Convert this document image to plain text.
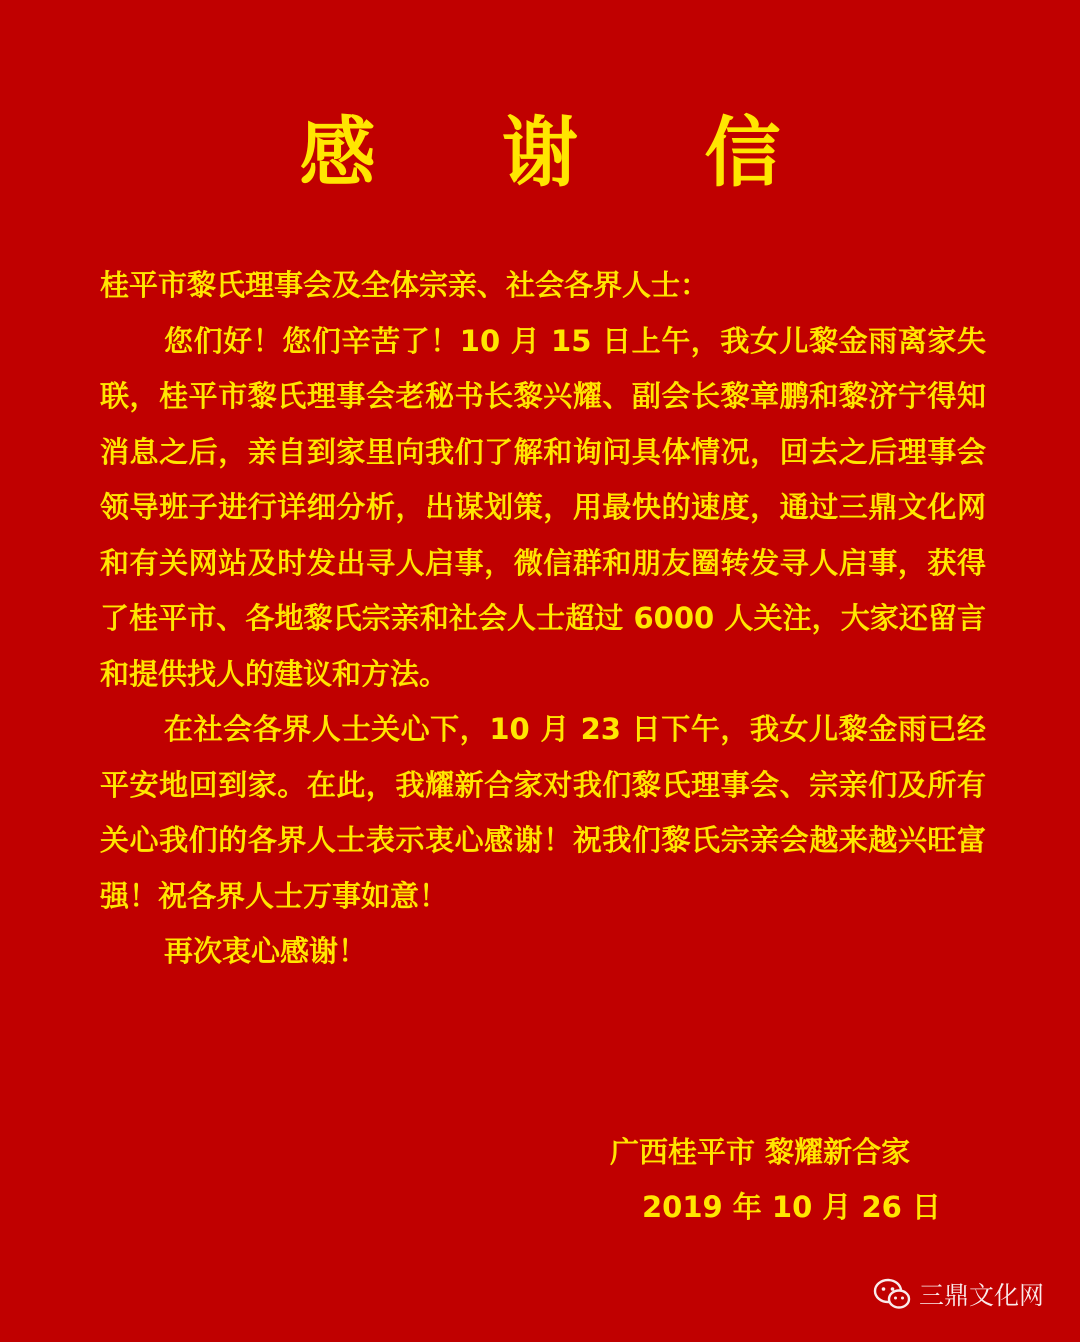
感 谢 信

桂平市黎氏理事会及全体宗亲、社会各界人士：

您们好！您们辛苦了！10 月 15 日上午，我女儿黎金雨离家失联，桂平市黎氏理事会老秘书长黎兴耀、副会长黎章鹏和黎济宁得知消息之后，亲自到家里向我们了解和询问具体情况，回去之后理事会领导班子进行详细分析，出谋划策，用最快的速度，通过三鼎文化网和有关网站及时发出寻人启事，微信群和朋友圈转发寻人启事，获得了桂平市、各地黎氏宗亲和社会人士超过 6000 人关注，大家还留言和提供找人的建议和方法。

在社会各界人士关心下，10 月 23 日下午，我女儿黎金雨已经平安地回到家。在此，我耀新合家对我们黎氏理事会、宗亲们及所有关心我们的各界人士表示衷心感谢！祝我们黎氏宗亲会越来越兴旺富强！祝各界人士万事如意！

再次衷心感谢！

广西桂平市 黎耀新合家
2019 年 10 月 26 日
三鼎文化网
